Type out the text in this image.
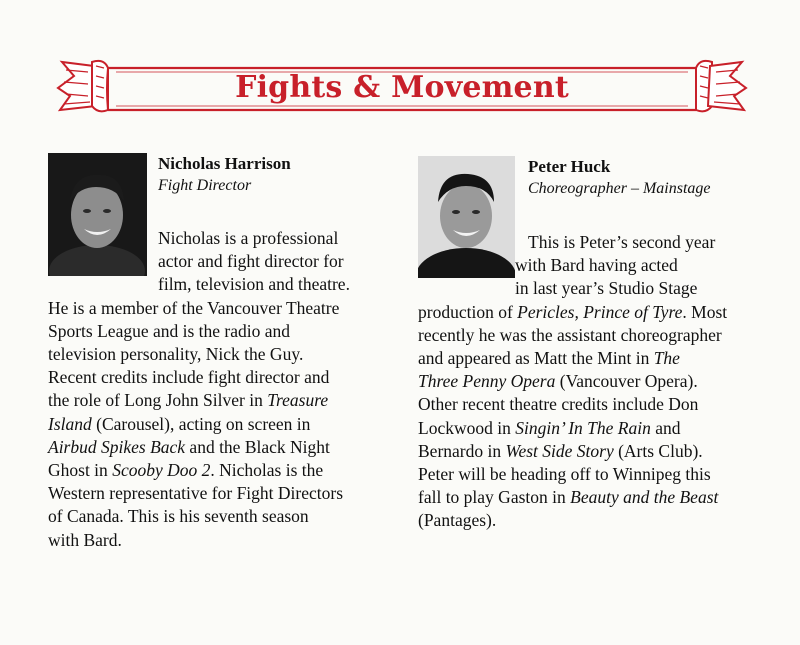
Fights & Movement
Nicholas Harrison
Fight Director
Nicholas is a professional
actor and fight director for
film, television and theatre.
He is a member of the Vancouver Theatre
Sports League and is the radio and
television personality, Nick the Guy.
Recent credits include fight director and
the role of Long John Silver in Treasure
Island (Carousel), acting on screen in
Airbud Spikes Back and the Black Night
Ghost in Scooby Doo 2. Nicholas is the
Western representative for Fight Directors
of Canada. This is his seventh season
with Bard.
Peter Huck
Choreographer – Mainstage
This is Peter’s second year
with Bard having acted
in last year’s Studio Stage
production of Pericles, Prince of Tyre. Most
recently he was the assistant choreographer
and appeared as Matt the Mint in The
Three Penny Opera (Vancouver Opera).
Other recent theatre credits include Don
Lockwood in Singin’ In The Rain and
Bernardo in West Side Story (Arts Club).
Peter will be heading off to Winnipeg this
fall to play Gaston in Beauty and the Beast
(Pantages).
